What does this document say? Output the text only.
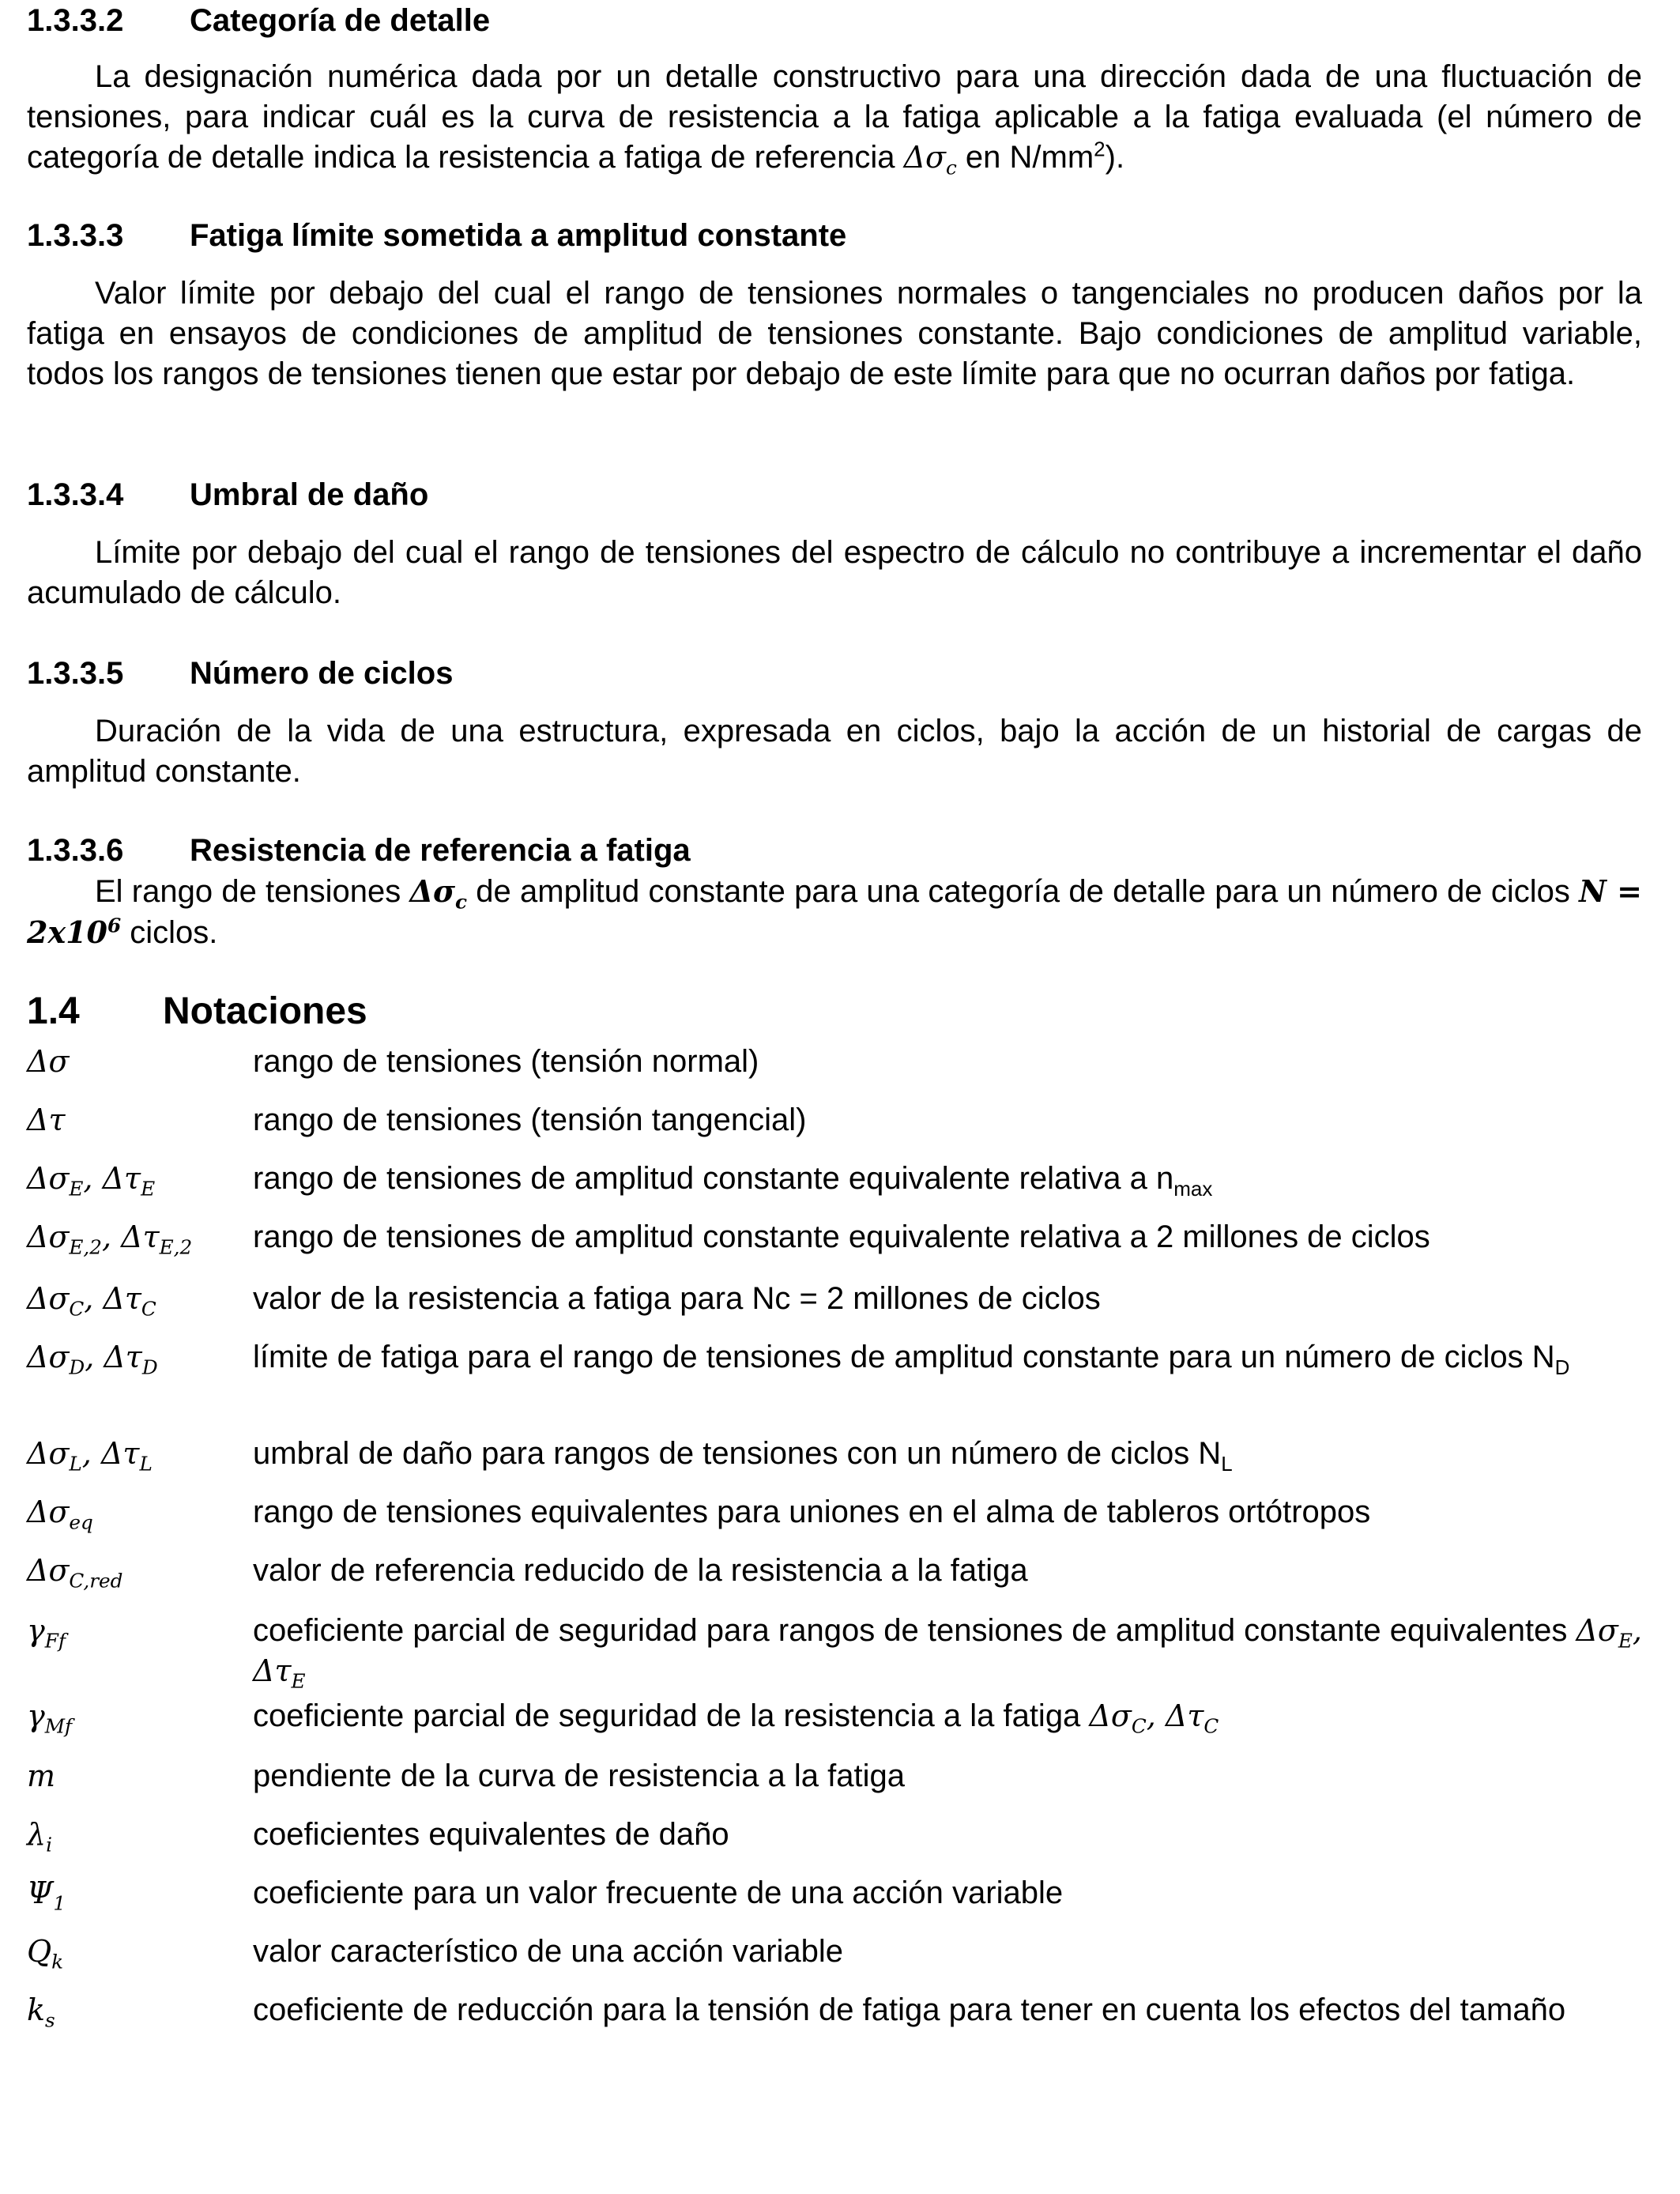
1.3.3.2	Categoría de detalle

La designación numérica dada por un detalle constructivo para una dirección dada de una fluctuación de tensiones, para indicar cuál es la curva de resistencia a la fatiga aplicable a la fatiga evaluada (el número de categoría de detalle indica la resistencia a fatiga de referencia $\Delta\sigma_c$ en $N/mm^2$).

1.3.3.3	Fatiga límite sometida a amplitud constante

Valor límite por debajo del cual el rango de tensiones normales o tangenciales no producen daños por la fatiga en ensayos de condiciones de amplitud de tensiones constante. Bajo condiciones de amplitud variable, todos los rangos de tensiones tienen que estar por debajo de este límite para que no ocurran daños por fatiga.

1.3.3.4	Umbral de daño

Límite por debajo del cual el rango de tensiones del espectro de cálculo no contribuye a incrementar el daño acumulado de cálculo.

1.3.3.5	Número de ciclos

Duración de la vida de una estructura, expresada en ciclos, bajo la acción de un historial de cargas de amplitud constante.

1.3.3.6	Resistencia de referencia a fatiga

El rango de tensiones $\Delta\sigma_c$ de amplitud constante para una categoría de detalle para un número de ciclos $N = 2x10^6$ ciclos.

1.4	Notaciones
Δσ	rango de tensiones (tensión normal)
Δτ	rango de tensiones (tensión tangencial)
$\Delta\sigma_E$, $\Delta\tau_E$	rango de tensiones de amplitud constante equivalente relativa a $n_{max}$
$\Delta\sigma_{E,2}$, $\Delta\tau_{E,2}$	rango de tensiones de amplitud constante equivalente relativa a 2 millones de ciclos
$\Delta\sigma_C$, $\Delta\tau_C$	valor de la resistencia a fatiga para Nc = 2 millones de ciclos
$\Delta\sigma_D$, $\Delta\tau_D$	límite de fatiga para el rango de tensiones de amplitud constante para un número de ciclos $N_D$
$\Delta\sigma_L$, $\Delta\tau_L$	umbral de daño para rangos de tensiones con un número de ciclos $N_L$
$\Delta\sigma_{eq}$	rango de tensiones equivalentes para uniones en el alma de tableros ortótropos
$\Delta\sigma_{C,red}$	valor de referencia reducido de la resistencia a la fatiga
$\gamma_{Ff}$	coeficiente parcial de seguridad para rangos de tensiones de amplitud constante equivalentes $\Delta\sigma_E$, $\Delta\tau_E$
$\gamma_{Mf}$	coeficiente parcial de seguridad de la resistencia a la fatiga $\Delta\sigma_C$, $\Delta\tau_C$
m	pendiente de la curva de resistencia a la fatiga
$\lambda_i$	coeficientes equivalentes de daño
$\Psi_1$	coeficiente para un valor frecuente de una acción variable
$Q_k$	valor característico de una acción variable
$k_s$	coeficiente de reducción para la tensión de fatiga para tener en cuenta los efectos del tamaño
